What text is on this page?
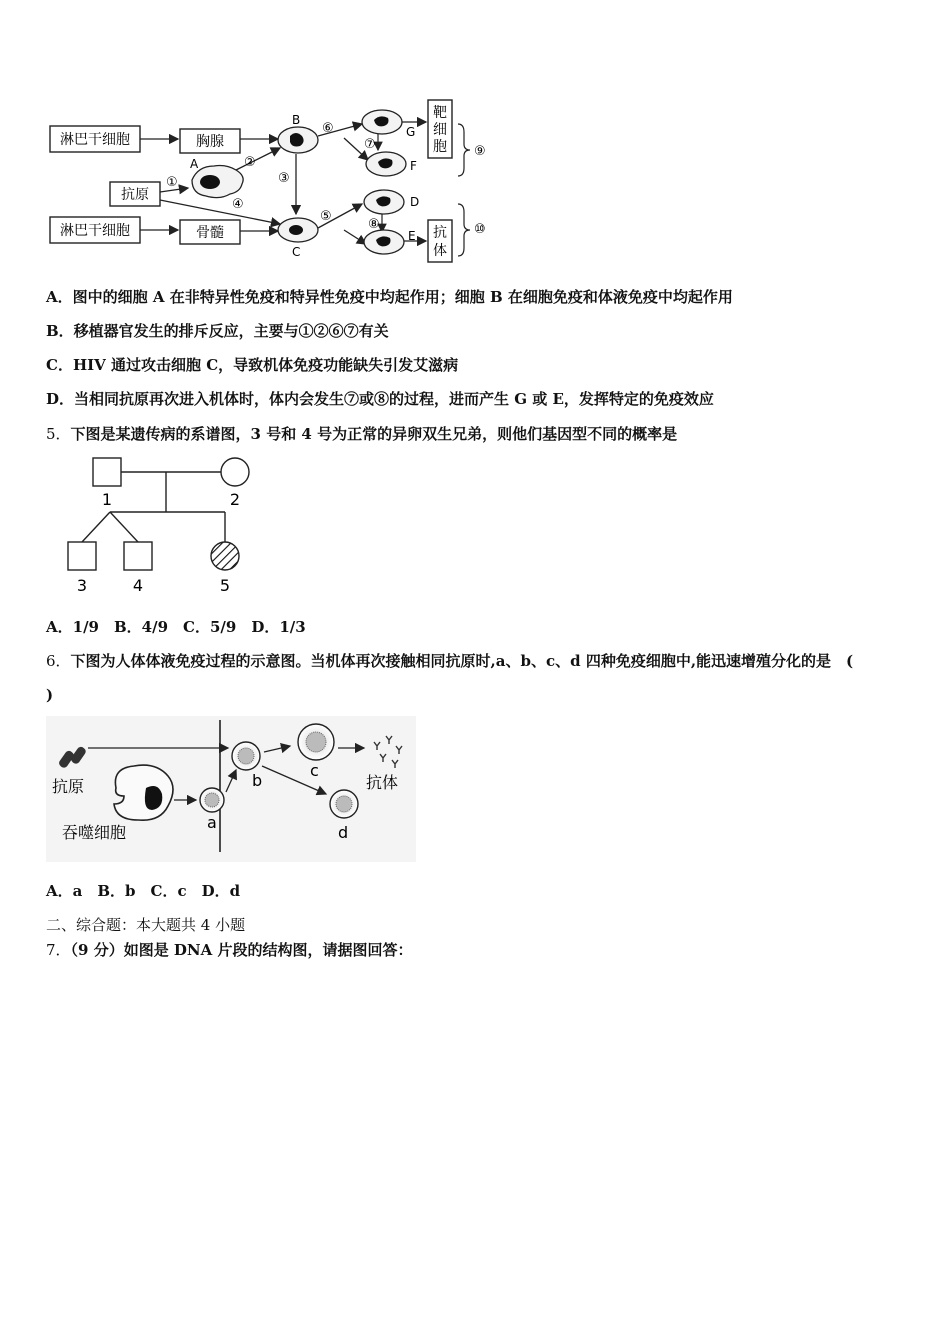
淋巴干细胞	胸腺
抗原
淋巴干细胞	骨髓
靶
细
胞
抗
体
⑨
⑩
A
B
C
G
F
D
E
①
②
③
④
⑤
⑥
⑦
⑧
A．图中的细胞 A 在非特异性免疫和特异性免疫中均起作用；细胞 B 在细胞免疫和体液免疫中均起作用
B．移植器官发生的排斥反应，主要与①②⑥⑦有关
C．HIV 通过攻击细胞 C，导致机体免疫功能缺失引发艾滋病
D．当相同抗原再次进入机体时，体内会发生⑦或⑧的过程，进而产生 G 或 E，发挥特定的免疫效应
5．下图是某遗传病的系谱图，3 号和 4 号为正常的异卵双生兄弟，则他们基因型不同的概率是
1	2
3	4	5
A．1/9　B．4/9　C．5/9　D．1/3
6．下图为人体体液免疫过程的示意图。当机体再次接触相同抗原时,a、b、c、d 四种免疫细胞中,能迅速增殖分化的是　(
)
抗原
吞噬细胞
a
b
c
d
抗体
A．a　B．b　C．c　D．d
二、综合题：本大题共 4 小题
7．（9 分）如图是 DNA 片段的结构图，请据图回答：
